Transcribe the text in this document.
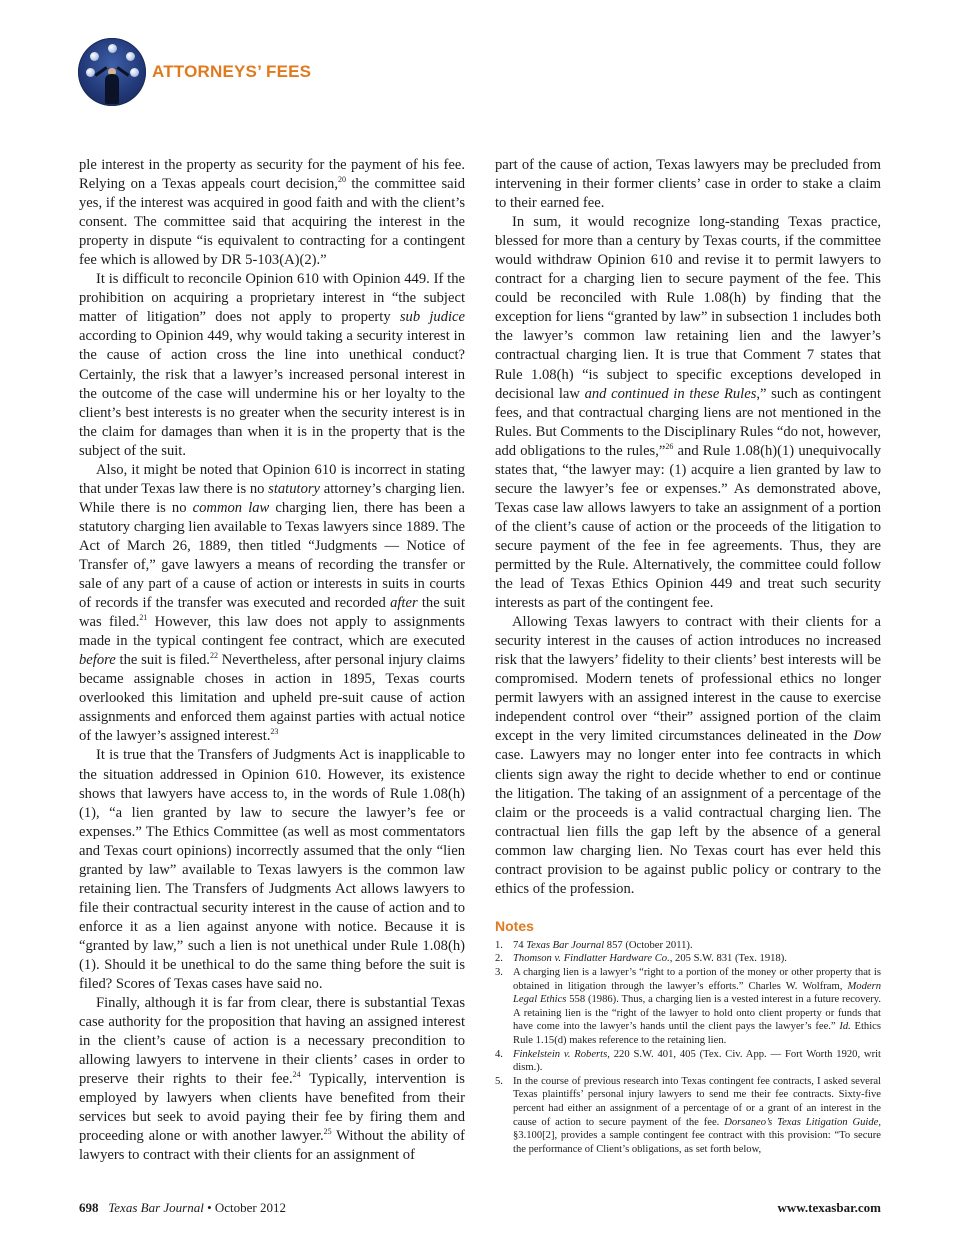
ATTORNEYS’ FEES

ple interest in the property as security for the payment of his fee. Relying on a Texas appeals court decision,$^{20}$ the committee said yes, if the interest was acquired in good faith and with the client’s consent. The committee said that acquiring the interest in the property in dispute “is equivalent to contracting for a contingent fee which is allowed by DR 5-103(A)(2).”

It is difficult to reconcile Opinion 610 with Opinion 449. If the prohibition on acquiring a proprietary interest in “the subject matter of litigation” does not apply to property sub judice according to Opinion 449, why would taking a security interest in the cause of action cross the line into unethical conduct? Certainly, the risk that a lawyer’s increased personal interest in the outcome of the case will undermine his or her loyalty to the client’s best interests is no greater when the security interest is in the claim for damages than when it is in the property that is the subject of the suit.

Also, it might be noted that Opinion 610 is incorrect in stating that under Texas law there is no statutory attorney’s charging lien. While there is no common law charging lien, there has been a statutory charging lien available to Texas lawyers since 1889. The Act of March 26, 1889, then titled “Judgments — Notice of Transfer of,” gave lawyers a means of recording the transfer or sale of any part of a cause of action or interests in suits in courts of records if the transfer was executed and recorded after the suit was filed.$^{21}$ However, this law does not apply to assignments made in the typical contingent fee contract, which are executed before the suit is filed.$^{22}$ Nevertheless, after personal injury claims became assignable choses in action in 1895, Texas courts overlooked this limitation and upheld pre-suit cause of action assignments and enforced them against parties with actual notice of the lawyer’s assigned interest.$^{23}$

It is true that the Transfers of Judgments Act is inapplicable to the situation addressed in Opinion 610. However, its existence shows that lawyers have access to, in the words of Rule 1.08(h)(1), “a lien granted by law to secure the lawyer’s fee or expenses.” The Ethics Committee (as well as most commentators and Texas court opinions) incorrectly assumed that the only “lien granted by law” available to Texas lawyers is the common law retaining lien. The Transfers of Judgments Act allows lawyers to file their contractual security interest in the cause of action and to enforce it as a lien against anyone with notice. Because it is “granted by law,” such a lien is not unethical under Rule 1.08(h)(1). Should it be unethical to do the same thing before the suit is filed? Scores of Texas cases have said no.

Finally, although it is far from clear, there is substantial Texas case authority for the proposition that having an assigned interest in the client’s cause of action is a necessary precondition to allowing lawyers to intervene in their clients’ cases in order to preserve their rights to their fee.$^{24}$ Typically, intervention is employed by lawyers when clients have benefited from their services but seek to avoid paying their fee by firing them and proceeding alone or with another lawyer.$^{25}$ Without the ability of lawyers to contract with their clients for an assignment of

part of the cause of action, Texas lawyers may be precluded from intervening in their former clients’ case in order to stake a claim to their earned fee.

In sum, it would recognize long-standing Texas practice, blessed for more than a century by Texas courts, if the committee would withdraw Opinion 610 and revise it to permit lawyers to contract for a charging lien to secure payment of the fee. This could be reconciled with Rule 1.08(h) by finding that the exception for liens “granted by law” in subsection 1 includes both the lawyer’s common law retaining lien and the lawyer’s contractual charging lien. It is true that Comment 7 states that Rule 1.08(h) “is subject to specific exceptions developed in decisional law and continued in these Rules,” such as contingent fees, and that contractual charging liens are not mentioned in the Rules. But Comments to the Disciplinary Rules “do not, however, add obligations to the rules,”$^{26}$ and Rule 1.08(h)(1) unequivocally states that, “the lawyer may: (1) acquire a lien granted by law to secure the lawyer’s fee or expenses.” As demonstrated above, Texas case law allows lawyers to take an assignment of a portion of the client’s cause of action or the proceeds of the litigation to secure payment of the fee in fee agreements. Thus, they are permitted by the Rule. Alternatively, the committee could follow the lead of Texas Ethics Opinion 449 and treat such security interests as part of the contingent fee.

Allowing Texas lawyers to contract with their clients for a security interest in the causes of action introduces no increased risk that the lawyers’ fidelity to their clients’ best interests will be compromised. Modern tenets of professional ethics no longer permit lawyers with an assigned interest in the cause to exercise independent control over “their” assigned portion of the claim except in the very limited circumstances delineated in the Dow case. Lawyers may no longer enter into fee contracts in which clients sign away the right to decide whether to end or continue the litigation. The taking of an assignment of a percentage of the claim or the proceeds is a valid contractual charging lien. The contractual lien fills the gap left by the absence of a general common law charging lien. No Texas court has ever held this contract provision to be against public policy or contrary to the ethics of the profession.

Notes
1. 74 Texas Bar Journal 857 (October 2011).
2. Thomson v. Findlatter Hardware Co., 205 S.W. 831 (Tex. 1918).
3. A charging lien is a lawyer’s “right to a portion of the money or other property that is obtained in litigation through the lawyer’s efforts.” Charles W. Wolfram, Modern Legal Ethics 558 (1986). Thus, a charging lien is a vested interest in a future recovery. A retaining lien is the “right of the lawyer to hold onto client property or funds that have come into the lawyer’s hands until the client pays the lawyer’s fee.” Id. Ethics Rule 1.15(d) makes reference to the retaining lien.
4. Finkelstein v. Roberts, 220 S.W. 401, 405 (Tex. Civ. App. — Fort Worth 1920, writ dism.).
5. In the course of previous research into Texas contingent fee contracts, I asked several Texas plaintiffs’ personal injury lawyers to send me their fee contracts. Sixty-five percent had either an assignment of a percentage of or a grant of an interest in the cause of action to secure payment of the fee. Dorsaneo’s Texas Litigation Guide, §3.100[2], provides a sample contingent fee contract with this provision: “To secure the performance of Client’s obligations, as set forth below,
698 Texas Bar Journal • October 2012	www.texasbar.com
